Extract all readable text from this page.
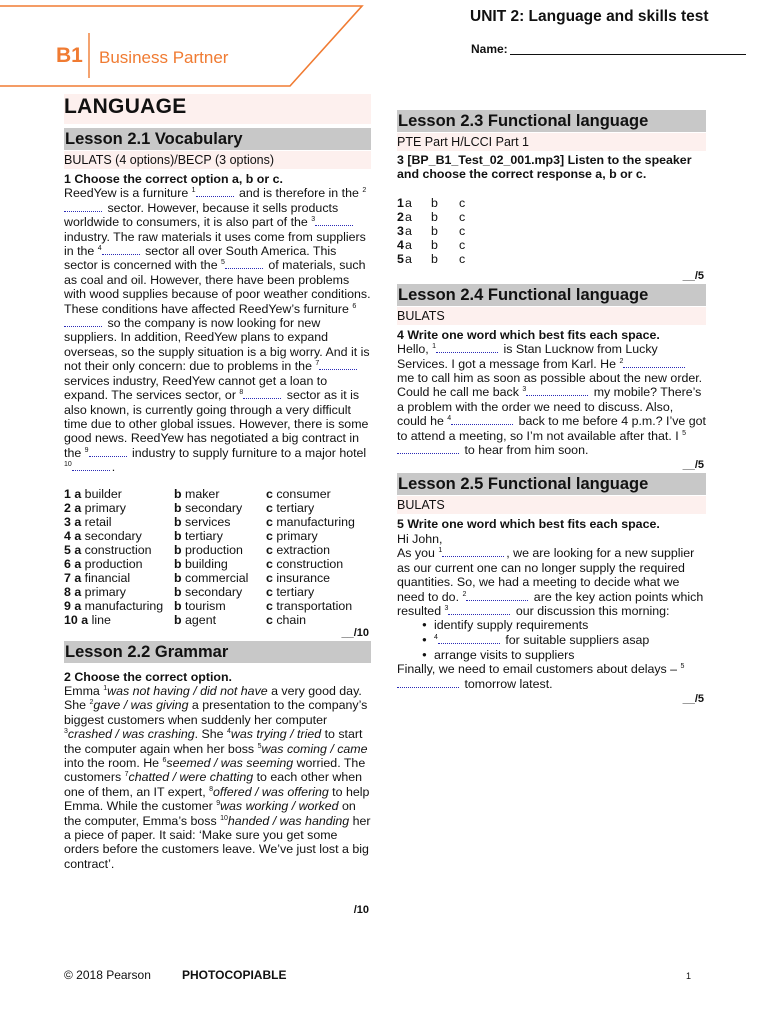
B1 Business Partner
UNIT 2: Language and skills test
Name:
LANGUAGE
Lesson 2.1 Vocabulary
BULATS (4 options)/BECP (3 options)
1 Choose the correct option a, b or c.
ReedYew is a furniture $^1$	and is therefore in the $^2$ sector. However, because it sells products worldwide to consumers, it is also part of the $^3$ industry. The raw materials it uses come from suppliers in the $^4$	sector all over South America. This sector is concerned with the $^5$	of materials, such as coal and oil. However, there have been problems with wood supplies because of poor weather conditions. These conditions have affected ReedYew’s furniture $^6$ so the company is now looking for new suppliers. In addition, ReedYew plans to expand overseas, so the supply situation is a big worry. And it is not their only concern: due to problems in the $^7$ services industry, ReedYew cannot get a loan to expand. The services sector, or $^8$	sector as it is also known, is currently going through a very difficult time due to other global issues. However, there is some good news. ReedYew has negotiated a big contract in the $^9$	industry to supply furniture to a major hotel $^{10}$	.
1 a builder	b maker	c consumer
2 a primary	b secondary	c tertiary
3 a retail	b services	c manufacturing
4 a secondary	b tertiary	c primary
5 a construction	b production	c extraction
6 a production	b building	c construction
7 a financial	b commercial	c insurance
8 a primary	b secondary	c tertiary
9 a manufacturing	b tourism	c transportation
10 a line	b agent	c chain
__/10
Lesson 2.2 Grammar
2 Choose the correct option.
Emma $^1$was not having / did not have a very good day. She $^2$gave / was giving a presentation to the company’s biggest customers when suddenly her computer $^3$crashed / was crashing. She $^4$was trying / tried to start the computer again when her boss $^5$was coming / came into the room. He $^6$seemed / was seeming worried. The customers $^7$chatted / were chatting to each other when one of them, an IT expert, $^8$offered / was offering to help Emma. While the customer $^9$was working / worked on the computer, Emma’s boss $^{10}$handed / was handing her a piece of paper. It said: ‘Make sure you get some orders before the customers leave. We’ve just lost a big contract’.
/10
Lesson 2.3 Functional language
PTE Part H/LCCI Part 1
3 [BP_B1_Test_02_001.mp3] Listen to the speaker and choose the correct response a, b or c.
1a b c
2a b c
3a b c
4a b c
5a b c
__/5
Lesson 2.4 Functional language
BULATS
4 Write one word which best fits each space.
Hello, $^1$	is Stan Lucknow from Lucky Services. I got a message from Karl. He $^2$ me to call him as soon as possible about the new order. Could he call me back $^3$	my mobile? There’s a problem with the order we need to discuss. Also, could he $^4$	back to me before 4 p.m.? I’ve got to attend a meeting, so I’m not available after that. I $^5$ to hear from him soon.
__/5
Lesson 2.5 Functional language
BULATS
5 Write one word which best fits each space.
Hi John,
As you $^1$	, we are looking for a new supplier as our current one can no longer supply the required quantities. So, we had a meeting to decide what we need to do. $^2$	are the key action points which resulted $^3$	our discussion this morning:
● identify supply requirements
● $^4$	for suitable suppliers asap
● arrange visits to suppliers
Finally, we need to email customers about delays – $^5$ tomorrow latest.
__/5
© 2018 Pearson	PHOTOCOPIABLE	1
